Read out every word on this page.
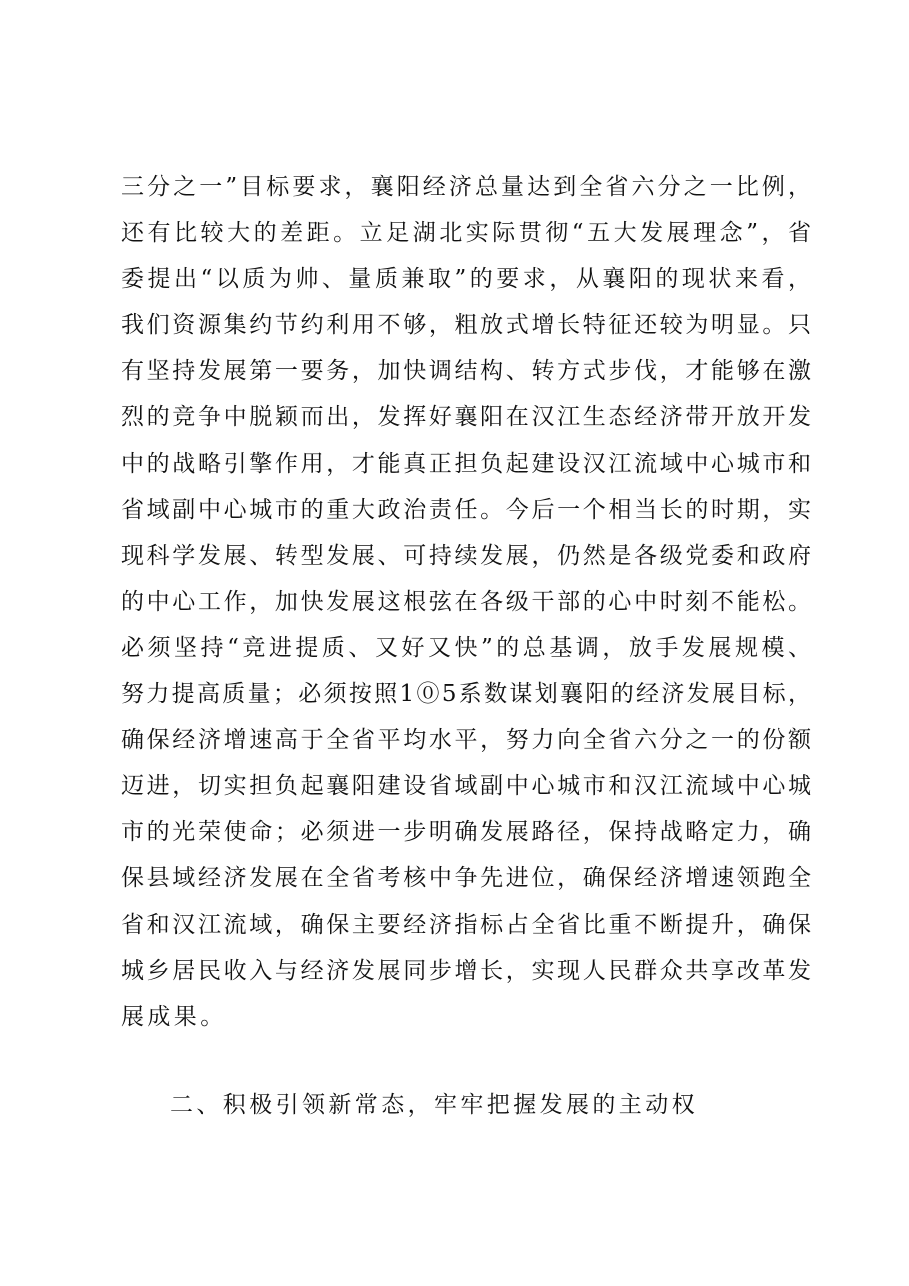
三分之一”目标要求，襄阳经济总量达到全省六分之一比例，
还有比较大的差距。立足湖北实际贯彻“五大发展理念”，省
委提出“以质为帅、量质兼取”的要求，从襄阳的现状来看，
我们资源集约节约利用不够，粗放式增长特征还较为明显。只
有坚持发展第一要务，加快调结构、转方式步伐，才能够在激
烈的竞争中脱颖而出，发挥好襄阳在汉江生态经济带开放开发
中的战略引擎作用，才能真正担负起建设汉江流域中心城市和
省域副中心城市的重大政治责任。今后一个相当长的时期，实
现科学发展、转型发展、可持续发展，仍然是各级党委和政府
的中心工作，加快发展这根弦在各级干部的心中时刻不能松。
必须坚持“竞进提质、又好又快”的总基调，放手发展规模、
努力提高质量；必须按照1⓪5系数谋划襄阳的经济发展目标，
确保经济增速高于全省平均水平，努力向全省六分之一的份额
迈进，切实担负起襄阳建设省域副中心城市和汉江流域中心城
市的光荣使命；必须进一步明确发展路径，保持战略定力，确
保县域经济发展在全省考核中争先进位，确保经济增速领跑全
省和汉江流域，确保主要经济指标占全省比重不断提升，确保
城乡居民收入与经济发展同步增长，实现人民群众共享改革发
展成果。
二、积极引领新常态，牢牢把握发展的主动权
